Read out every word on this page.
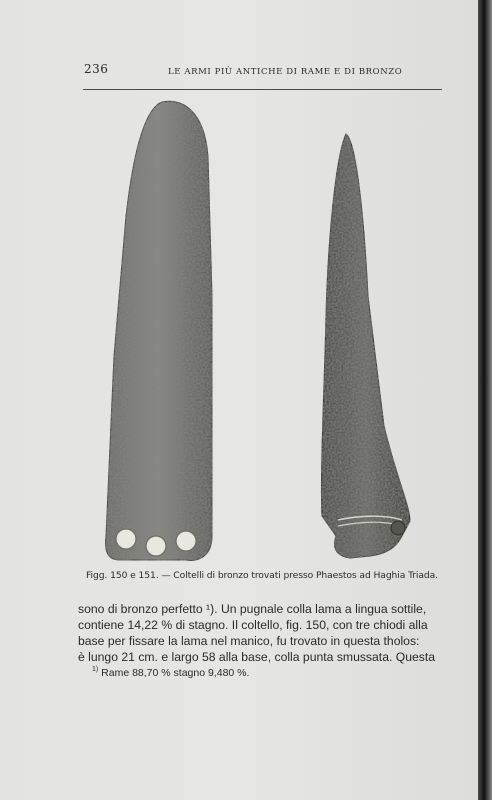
236	LE ARMI PIÙ ANTICHE DI RAME E DI BRONZO
Figg. 150 e 151. — Coltelli di bronzo trovati presso Phaestos ad Haghia Triada.
sono di bronzo perfetto ¹). Un pugnale colla lama a lingua sottile,
contiene 14,22 % di stagno. Il coltello, fig. 150, con tre chiodi alla
base per fissare la lama nel manico, fu trovato in questa tholos:
è lungo 21 cm. e largo 58 alla base, colla punta smussata. Questa
$^{1)}$ Rame 88,70 % stagno 9,480 %.
